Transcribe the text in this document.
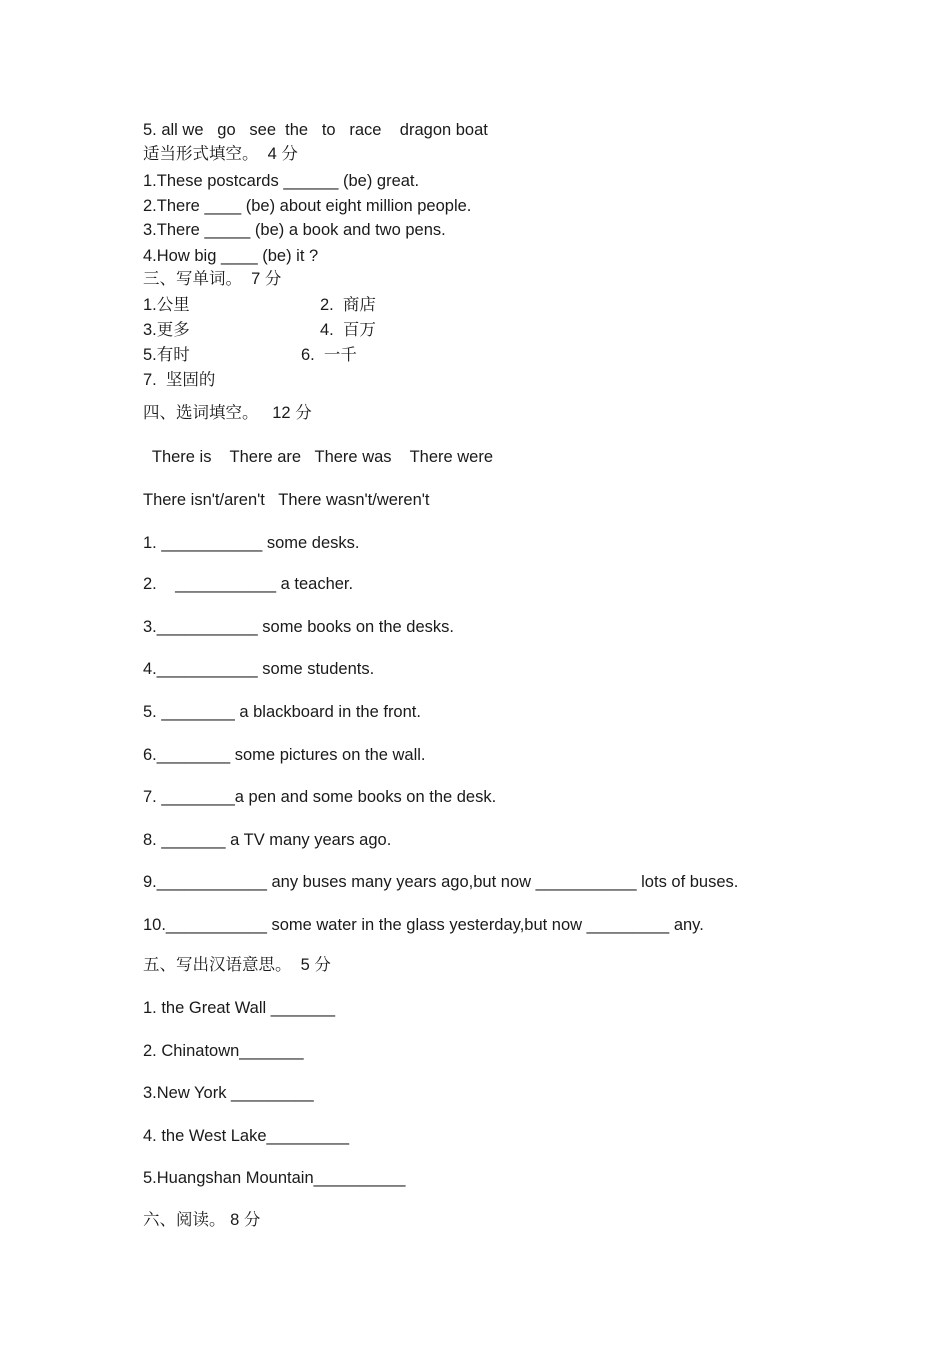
5. all we   go   see  the   to   race    dragon boat
适当形式填空。  4 分
1.These postcards ______ (be) great.
2.There ____ (be) about eight million people.
3.There _____ (be) a book and two pens.
4.How big ____ (be) it ?
三、写单词。  7 分
1.公里	2.  商店
3.更多	4.  百万
5.有时	6.  一千
7.  坚固的
四、选词填空。   12 分
There is    There are   There was    There were
There isn't/aren't   There wasn't/weren't
1. ___________ some desks.
2.    ___________ a teacher.
3.___________ some books on the desks.
4.___________ some students.
5. ________ a blackboard in the front.
6.________ some pictures on the wall.
7. ________a pen and some books on the desk.
8. _______ a TV many years ago.
9.____________ any buses many years ago,but now ___________ lots of buses.
10.___________ some water in the glass yesterday,but now _________ any.
五、写出汉语意思。  5 分
1. the Great Wall _______
2. Chinatown_______
3.New York _________
4. the West Lake_________
5.Huangshan Mountain__________
六、阅读。 8 分
